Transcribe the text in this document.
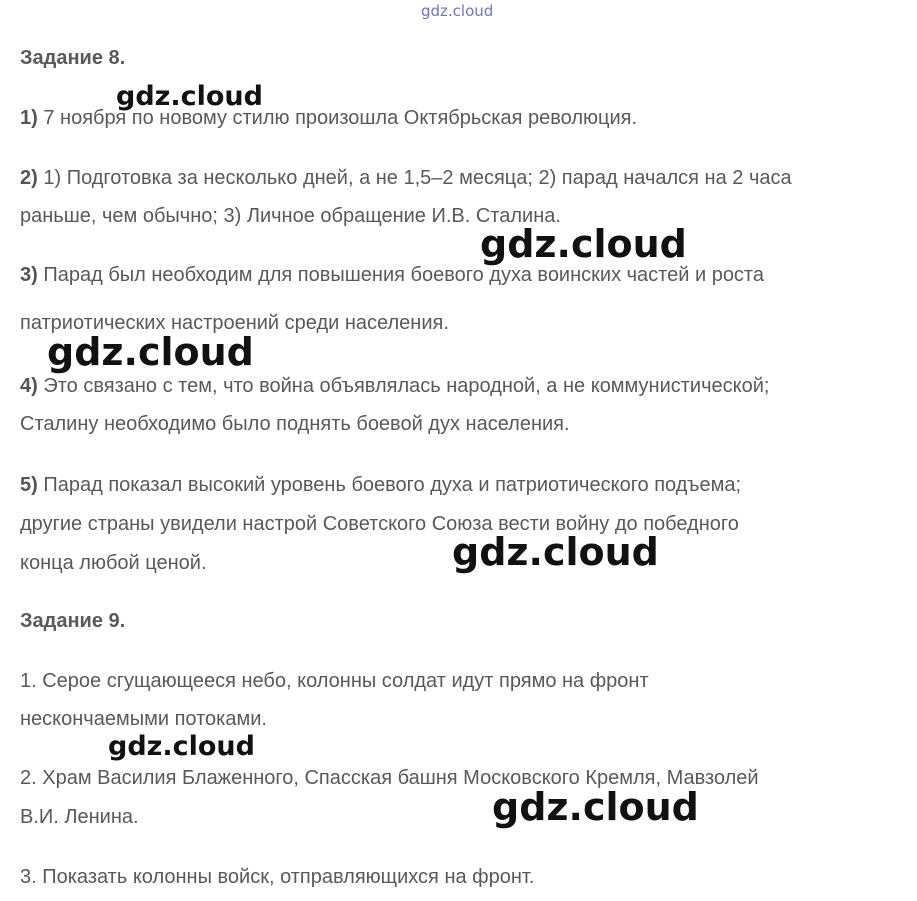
gdz.cloud
Задание 8.
1) 7 ноября по новому стилю произошла Октябрьская революция.
2) 1) Подготовка за несколько дней, а не 1,5–2 месяца; 2) парад начался на 2 часа
раньше, чем обычно; 3) Личное обращение И.В. Сталина.
3) Парад был необходим для повышения боевого духа воинских частей и роста
патриотических настроений среди населения.
4) Это связано с тем, что война объявлялась народной, а не коммунистической;
Сталину необходимо было поднять боевой дух населения.
5) Парад показал высокий уровень боевого духа и патриотического подъема;
другие страны увидели настрой Советского Союза вести войну до победного
конца любой ценой.
Задание 9.
1. Серое сгущающееся небо, колонны солдат идут прямо на фронт
нескончаемыми потоками.
2. Храм Василия Блаженного, Спасская башня Московского Кремля, Мавзолей
В.И. Ленина.
3. Показать колонны войск, отправляющихся на фронт.
gdz.cloud
gdz.cloud
gdz.cloud
gdz.cloud
gdz.cloud
gdz.cloud
